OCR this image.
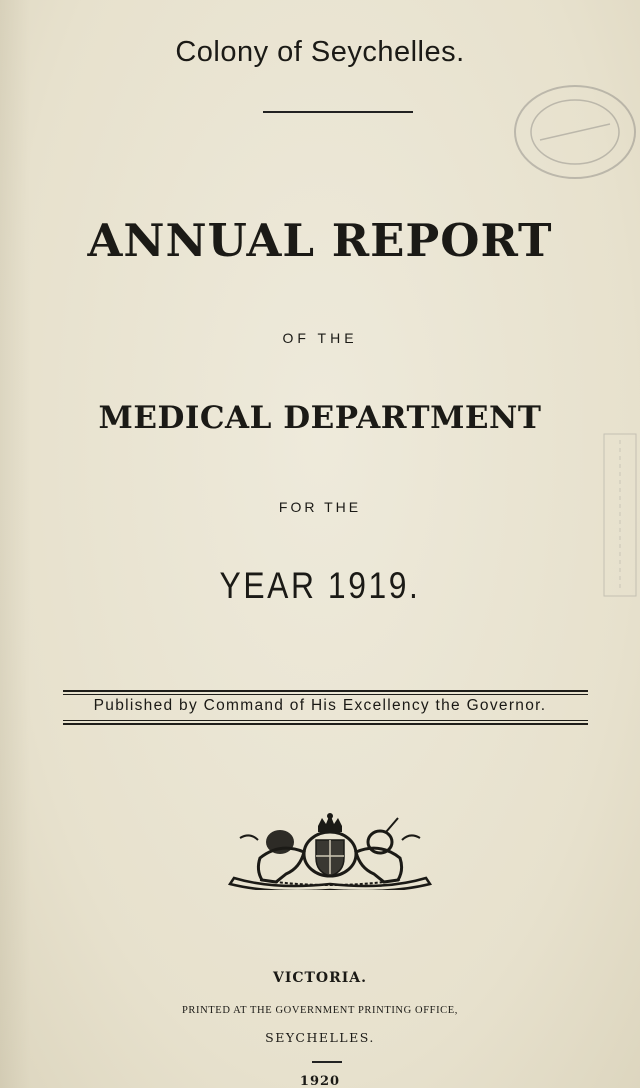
Colony of Seychelles.
ANNUAL REPORT
OF THE
MEDICAL DEPARTMENT
FOR THE
YEAR 1919.
Published by Command of His Excellency the Governor.
VICTORIA.
PRINTED AT THE GOVERNMENT PRINTING OFFICE,
SEYCHELLES.
1920
